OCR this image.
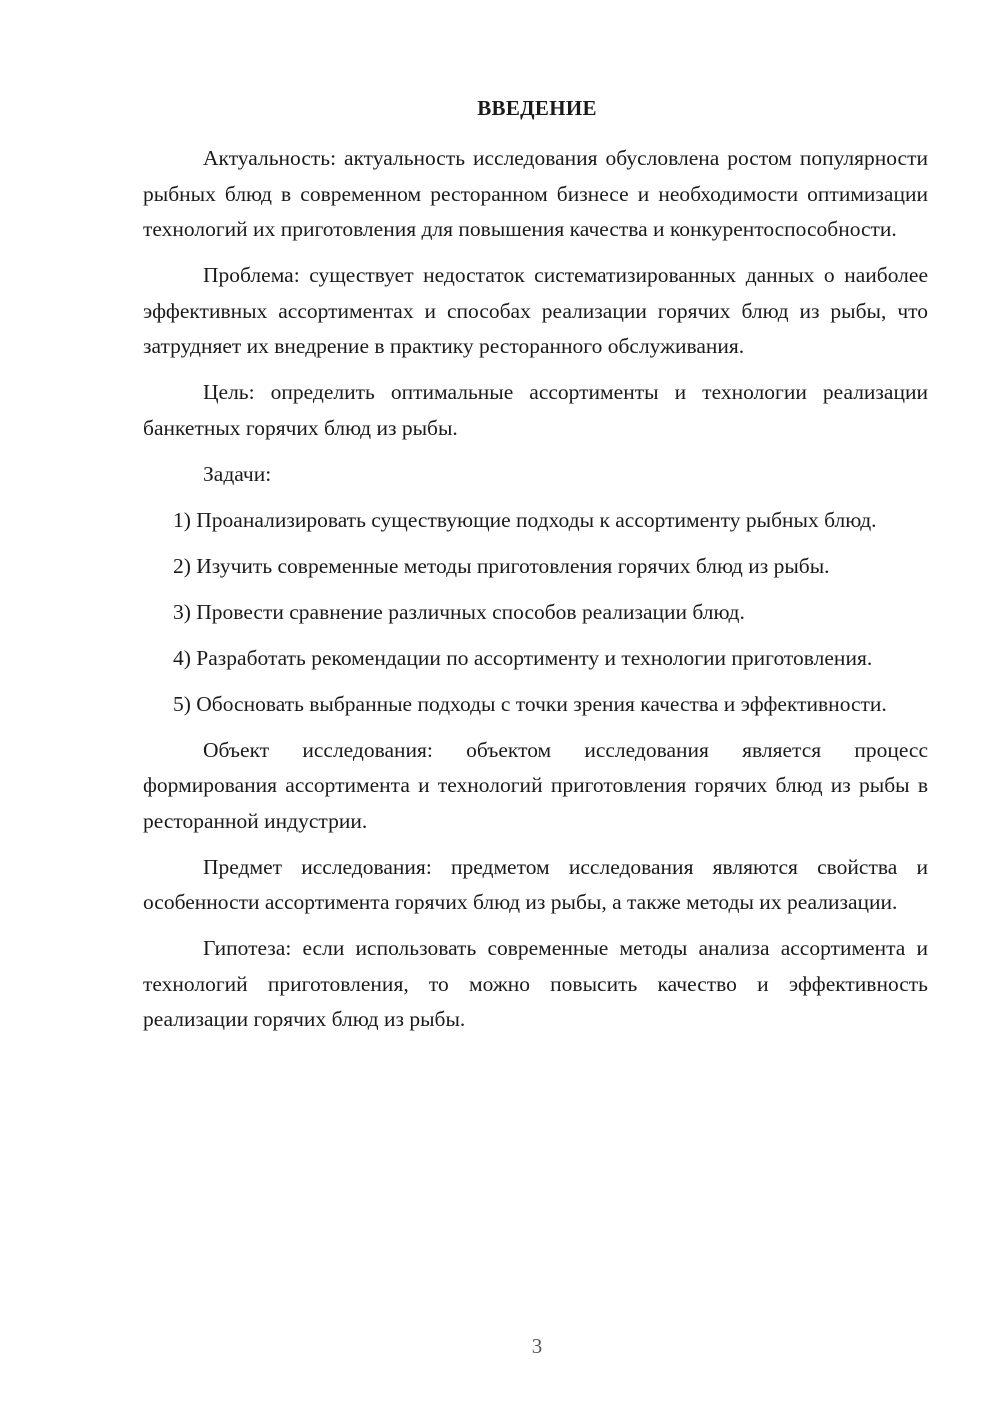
ВВЕДЕНИЕ

Актуальность: актуальность исследования обусловлена ростом популярности рыбных блюд в современном ресторанном бизнесе и необходимости оптимизации технологий их приготовления для повышения качества и конкурентоспособности.

Проблема: существует недостаток систематизированных данных о наиболее эффективных ассортиментах и способах реализации горячих блюд из рыбы, что затрудняет их внедрение в практику ресторанного обслуживания.

Цель: определить оптимальные ассортименты и технологии реализации банкетных горячих блюд из рыбы.

Задачи:

1) Проанализировать существующие подходы к ассортименту рыбных блюд.

2) Изучить современные методы приготовления горячих блюд из рыбы.

3) Провести сравнение различных способов реализации блюд.

4) Разработать рекомендации по ассортименту и технологии приготовления.

5) Обосновать выбранные подходы с точки зрения качества и эффективности.

Объект исследования: объектом исследования является процесс формирования ассортимента и технологий приготовления горячих блюд из рыбы в ресторанной индустрии.

Предмет исследования: предметом исследования являются свойства и особенности ассортимента горячих блюд из рыбы, а также методы их реализации.

Гипотеза: если использовать современные методы анализа ассортимента и технологий приготовления, то можно повысить качество и эффективность реализации горячих блюд из рыбы.

3
